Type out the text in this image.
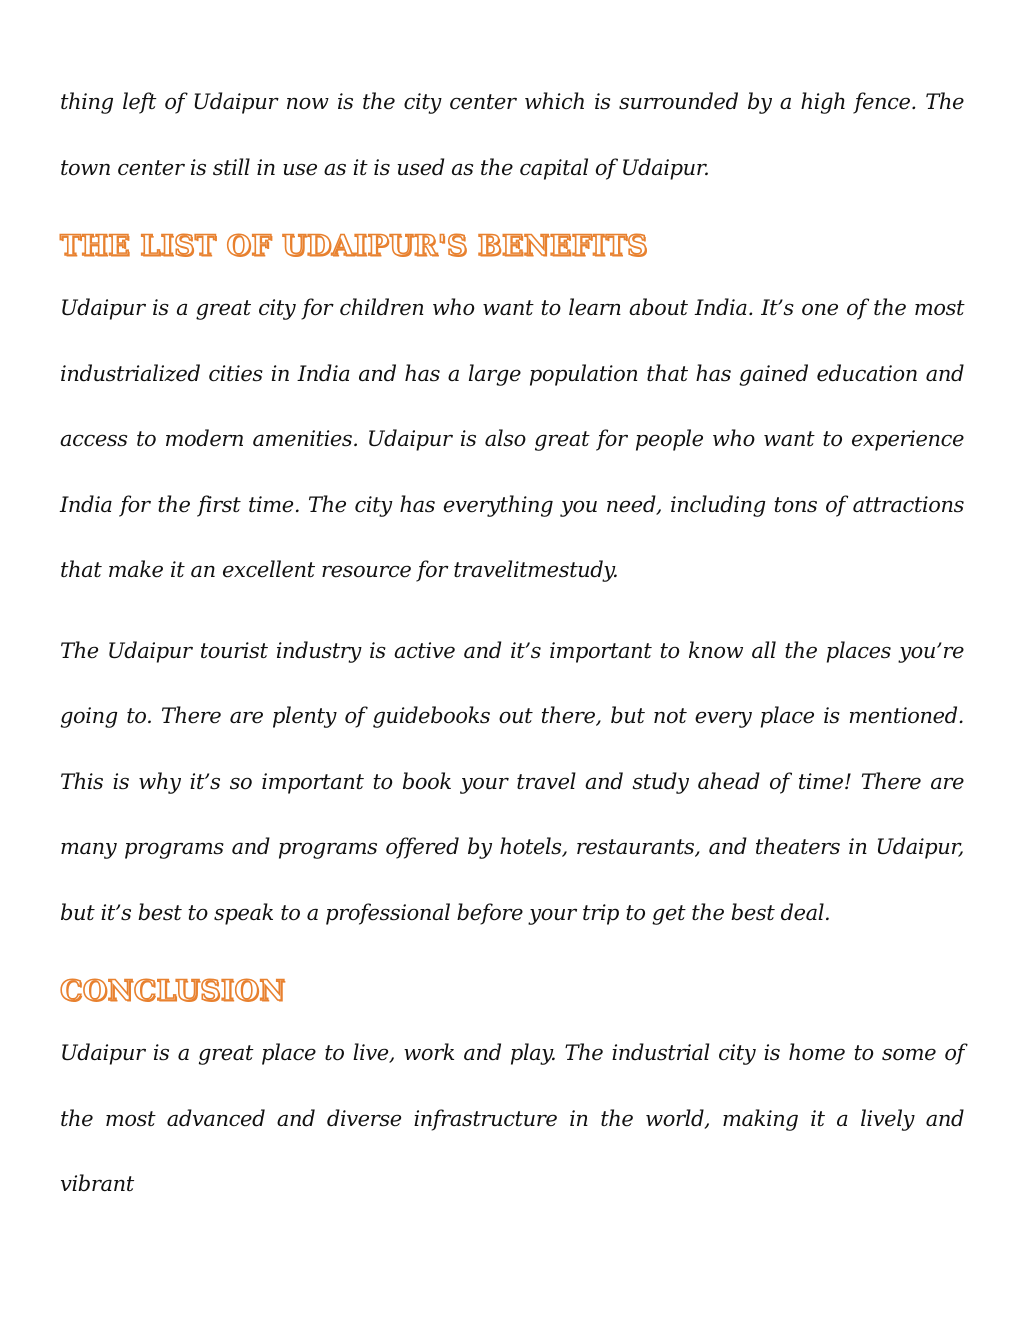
thing left of Udaipur now is the city center which is surrounded by a high fence. The town center is still in use as it is used as the capital of Udaipur.

THE LIST OF UDAIPUR'S BENEFITS

Udaipur is a great city for children who want to learn about India. It’s one of the most industrialized cities in India and has a large population that has gained education and access to modern amenities. Udaipur is also great for people who want to experience India for the first time. The city has everything you need, including tons of attractions that make it an excellent resource for travelitmestudy.

The Udaipur tourist industry is active and it’s important to know all the places you’re going to. There are plenty of guidebooks out there, but not every place is mentioned. This is why it’s so important to book your travel and study ahead of time! There are many programs and programs offered by hotels, restaurants, and theaters in Udaipur, but it’s best to speak to a professional before your trip to get the best deal.

CONCLUSION

Udaipur is a great place to live, work and play. The industrial city is home to some of the most advanced and diverse infrastructure in the world, making it a lively and vibrant
